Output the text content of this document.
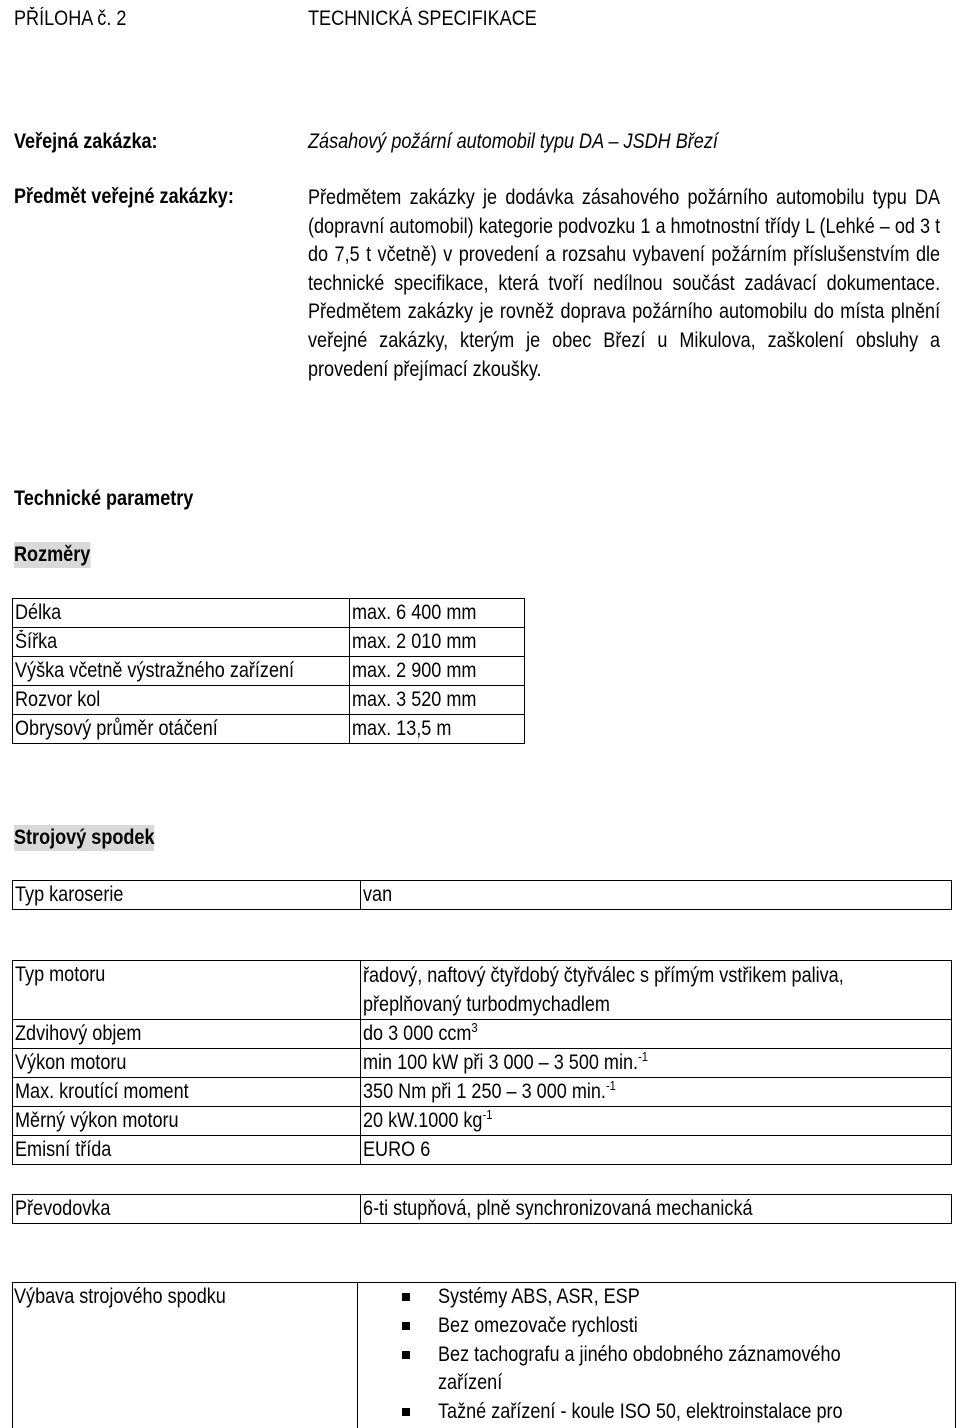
PŘÍLOHA č. 2	TECHNICKÁ SPECIFIKACE
Veřejná zakázka:	Zásahový požární automobil typu DA – JSDH Březí
Předmět veřejné zakázky:	Předmětem zakázky je dodávka zásahového požárního automobilu typu DA (dopravní automobil) kategorie podvozku 1 a hmotnostní třídy L (Lehké – od 3 t do 7,5 t včetně) v provedení a rozsahu vybavení požárním příslušenstvím dle technické specifikace, která tvoří nedílnou součást zadávací dokumentace. Předmětem zakázky je rovněž doprava požárního automobilu do místa plnění veřejné zakázky, kterým je obec Březí u Mikulova, zaškolení obsluhy a provedení přejímací zkoušky.
Technické parametry
Rozměry
Délka	max. 6 400 mm
Šířka	max. 2 010 mm
Výška včetně výstražného zařízení	max. 2 900 mm
Rozvor kol	max. 3 520 mm
Obrysový průměr otáčení	max. 13,5 m
Strojový spodek
Typ karoserie	van
Typ motoru	řadový, naftový čtyřdobý čtyřválec s přímým vstřikem paliva,
přeplňovaný turbodmychadlem
Zdvihový objem	do 3 000 ccm$^3$
Výkon motoru	min 100 kW při 3 000 – 3 500 min.$^{-1}$
Max. kroutící moment	350 Nm při 1 250 – 3 000 min.$^{-1}$
Měrný výkon motoru	20 kW.1000 $kg^{-1}$
Emisní třída	EURO 6
Převodovka	6-ti stupňová, plně synchronizovaná mechanická
Výbava strojového spodku	Systémy ABS, ASR, ESP
Bez omezovače rychlosti
Bez tachografu a jiného obdobného záznamového
zařízení
Tažné zařízení - koule ISO 50, elektroinstalace pro
